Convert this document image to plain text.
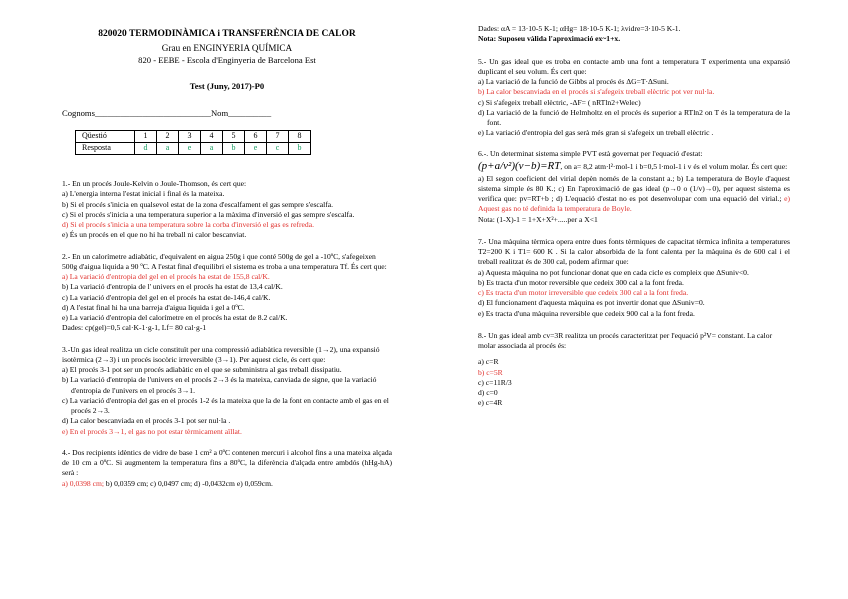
820020 TERMODINÀMICA i TRANSFERÈNCIA DE CALOR
Grau en ENGINYERIA QUÍMICA
820 - EEBE - Escola d'Enginyeria de Barcelona Est
Test (Juny, 2017)-P0
Cognoms___________________________Nom__________
Qüestió	1	2	3	4	5	6	7	8
Resposta	d	a	e	a	b	e	c	b

1.- En un procés Joule-Kelvin o Joule-Thomson, és cert que:

a) L'energia interna l'estat inicial i final és la mateixa.

b) Si el procés s'inicia en qualsevol estat de la zona d'escalfament el gas sempre s'escalfa.

c) Si el procés s'inicia a una temperatura superior a la màxima d'inversió el gas sempre s'escalfa.

d) Si el procés s'inicia a una temperatura sobre la corba d'inversió el gas es refreda.

e) És un procés en el que no hi ha treball ni calor bescanviat.

2.- En un calorímetre adiabàtic, d'equivalent en aigua 250g i que conté 500g de gel a -10ºC, s'afegeixen 500g d'aigua liquida a 90 ºC. A l'estat final d'equilibri el sistema es troba a una temperatura Tf. És cert que:

a) La variació d'entropia del gel en el procés ha estat de 155,8 cal/K.

b) La variació d'entropia de l' univers en el procés ha estat de 13,4 cal/K.

c) La variació d'entropia del gel en el procés ha estat de-146,4 cal/K.

d) A l'estat final hi ha una barreja d'aigua liquida i gel a 0ºC.

e) La variació d'entropia del calorímetre en el procés ha estat de 8.2 cal/K.

Dades: cp(gel)=0,5 cal·K-1·g-1, Lf= 80 cal·g-1

3.-Un gas ideal realitza un cicle constituït per una compressió adiabàtica reversible (1→2), una expansió isotèrmica (2→3) i un procés isocòric irreversible (3→1). Per aquest cicle, és cert que:

a) El procés 3-1 pot ser un procés adiabàtic en el que se subministra al gas treball dissipatiu.

b) La variació d'entropia de l'univers en el procés 2→3 és la mateixa, canviada de signe, que la variació d'entropia de l'univers en el procés 3→1.

c) La variació d'entropia del gas en el procés 1-2 és la mateixa que la de la font en contacte amb el gas en el procés 2→3.

d) La calor bescanviada en el procés 3-1 pot ser nul·la .

e) En el procés 3→1, el gas no pot estar tèrmicament aïllat.

4.- Dos recipients idèntics de vidre de base 1 cm² a 0ºC contenen mercuri i alcohol fins a una mateixa alçada de 10 cm a 0ºC. Si augmentem la temperatura fins a 80ºC, la diferència d'alçada entre ambdós (hHg-hA) serà :

a) 0,0398 cm; b) 0,0359 cm; c) 0,0497 cm; d) -0,0432cm e) 0,059cm.

Dades: αA = 13·10-5 K-1; αHg= 18·10-5 K-1; λvidre=3·10-5 K-1.
Nota: Suposeu vàlida l'aproximació ex~1+x.

5.- Un gas ideal que es troba en contacte amb una font a temperatura T experimenta una expansió duplicant el seu volum. És cert que:

a) La variació de la funció de Gibbs al procés és ΔG=T·ΔSuni.

b) La calor bescanviada en el procés si s'afegeix treball elèctric pot ver nul·la.

c) Si s'afegeix treball elèctric, -ΔF= ( nRTln2+Welec)

d) La variació de la funció de Helmholtz en el procés és superior a RTln2 on T és la temperatura de la font.

e) La variació d'entropia del gas serà més gran si s'afegeix un treball elèctric .

6.-. Un determinat sistema simple PVT està governat per l'equació d'estat:

(p+a/v²)(v−b)=RT, on a= 8,2 atm·l²·mol-1 i b=0,5 l·mol-1 i v és el volum molar. És cert que:

a) El segon coeficient del virial depèn només de la constant a.; b) La temperatura de Boyle d'aquest sistema simple és 80 K.; c) En l'aproximació de gas ideal (p→0 o (1/v)→0), per aquest sistema es verifica que: pv=RT+b ; d) L'equació d'estat no es pot desenvolupar com una equació del virial.; e) Aquest gas no té definida la temperatura de Boyle.

Nota: (1-X)-1 = 1+X+X²+.....per a X<1

7.- Una màquina tèrmica opera entre dues fonts tèrmiques de capacitat tèrmica infinita a temperatures T2=200 K i T1= 600 K . Si la calor absorbida de la font calenta per la màquina és de 600 cal i el treball realitzat és de 300 cal, podem afirmar que:

a) Aquesta màquina no pot funcionar donat que en cada cicle es compleix que ΔSuniv<0.

b) Es tracta d'un motor reversible que cedeix 300 cal a la font freda.

c) Es tracta d'un motor irreversible que cedeix 300 cal a la font freda.

d) El funcionament d'aquesta màquina es pot invertir donat que ΔSuniv=0.

e) Es tracta d'una màquina reversible que cedeix 900 cal a la font freda.

8.- Un gas ideal amb cv=3R realitza un procés caracteritzat per l'equació p²V= constant. La calor molar associada al procés és:

a) c=R

b) c=5R

c) c=11R/3

d) c=0

e) c=4R
